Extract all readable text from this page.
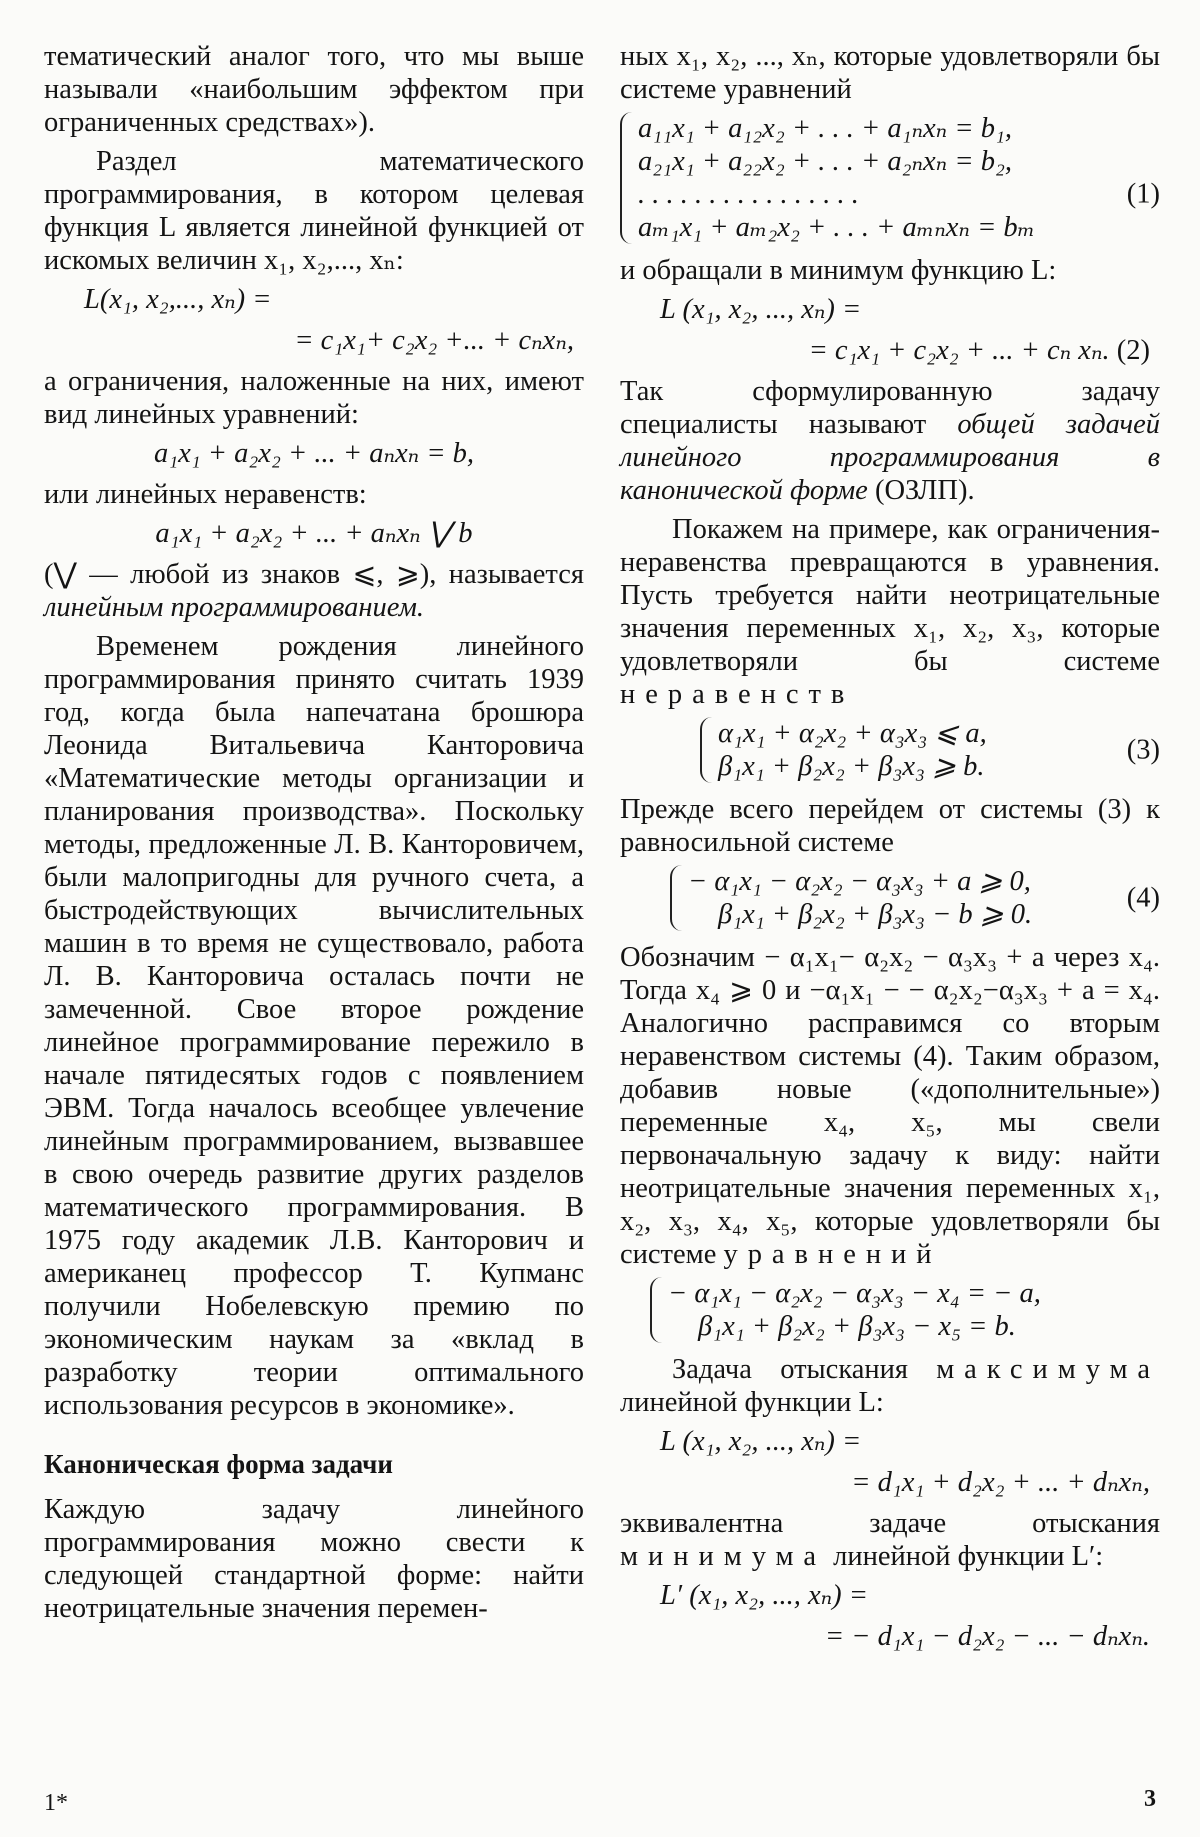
тематический аналог того, что мы выше называли «наибольшим эффектом при ограниченных средствах»).

Раздел математического программирования, в котором целевая функция L является линейной функцией от искомых величин x₁, x₂,..., xₙ:

L(x₁, x₂,..., xₙ) =
= c₁x₁+ c₂x₂ +... + cₙxₙ,

а ограничения, наложенные на них, имеют вид линейных уравнений:

a₁x₁ + a₂x₂ + ... + aₙxₙ = b,

или линейных неравенств:

a₁x₁ + a₂x₂ + ... + aₙxₙ ⋁ b

(⋁ — любой из знаков ⩽, ⩾), называется линейным программированием.

Временем рождения линейного программирования принято считать 1939 год, когда была напечатана брошюра Леонида Витальевича Канторовича «Математические методы организации и планирования производства». Поскольку методы, предложенные Л. В. Канторовичем, были малопригодны для ручного счета, а быстродействующих вычислительных машин в то время не существовало, работа Л. В. Канторовича осталась почти не замеченной. Свое второе рождение линейное программирование пережило в начале пятидесятых годов с появлением ЭВМ. Тогда началось всеобщее увлечение линейным программированием, вызвавшее в свою очередь развитие других разделов математического программирования. В 1975 году академик Л.В. Канторович и американец профессор Т. Купманс получили Нобелевскую премию по экономическим наукам за «вклад в разработку теории оптимального использования ресурсов в экономике».

Каноническая форма задачи

Каждую задачу линейного программирования можно свести к следующей стандартной форме: найти неотрицательные значения перемен-

ных x₁, x₂, ..., xₙ, которые удовлетворяли бы системе уравнений

a₁₁x₁ + a₁₂x₂ + . . . + a₁ₙxₙ = b₁,
a₂₁x₁ + a₂₂x₂ + . . . + a₂ₙxₙ = b₂,
. . . . . . . . . . . . . . . .
aₘ₁x₁ + aₘ₂x₂ + . . . + aₘₙxₙ = bₘ
(1)

и обращали в минимум функцию L:

L (x₁, x₂, ..., xₙ) =
= c₁x₁ + c₂x₂ + ... + cₙ xₙ. (2)

Так сформулированную задачу специалисты называют общей задачей линейного программирования в канонической форме (ОЗЛП).

Покажем на примере, как ограничения-неравенства превращаются в уравнения. Пусть требуется найти неотрицательные значения переменных x₁, x₂, x₃, которые удовлетворяли бы системе неравенств

α₁x₁ + α₂x₂ + α₃x₃ ⩽ a,
β₁x₁ + β₂x₂ + β₃x₃ ⩾ b.
(3)

Прежде всего перейдем от системы (3) к равносильной системе

− α₁x₁ − α₂x₂ − α₃x₃ + a ⩾ 0,
β₁x₁ + β₂x₂ + β₃x₃ − b ⩾ 0.
(4)

Обозначим − α₁x₁− α₂x₂ − α₃x₃ + a через x₄. Тогда x₄ ⩾ 0 и −α₁x₁ − − α₂x₂−α₃x₃ + a = x₄. Аналогично расправимся со вторым неравенством системы (4). Таким образом, добавив новые («дополнительные») переменные x₄, x₅, мы свели первоначальную задачу к виду: найти неотрицательные значения переменных x₁, x₂, x₃, x₄, x₅, которые удовлетворяли бы системе уравнений

− α₁x₁ − α₂x₂ − α₃x₃ − x₄ = − a,
β₁x₁ + β₂x₂ + β₃x₃ − x₅ = b.

Задача отыскания максимума линейной функции L:

L (x₁, x₂, ..., xₙ) =
= d₁x₁ + d₂x₂ + ... + dₙxₙ,

эквивалентна задаче отыскания минимума линейной функции L′:

L′ (x₁, x₂, ..., xₙ) =
= − d₁x₁ − d₂x₂ − ... − dₙxₙ.
1*	3
